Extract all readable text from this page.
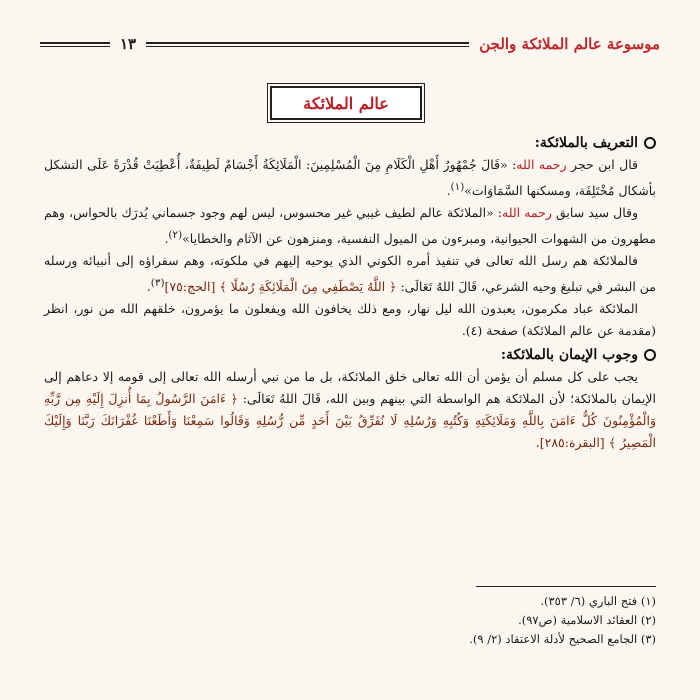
موسوعة عالم الملائكة والجن
١٣
عالم الملائكة
التعريف بالملائكة:

قال ابن حجر رحمه الله: «قَالَ جُمْهُورُ أَهْلِ الْكَلَامِ مِنَ الْمُسْلِمِينَ: الْمَلَائِكَةُ أَجْسَامٌ لَطِيفَةٌ، أُعْطِيَتْ قُدْرَةً عَلَى التشكل بأشكال مُخْتَلِفَة، ومسكنها السَّمَاوَات»$^{(١)}$.

وقال سيد سابق رحمه الله: «الملائكة عالم لطيف غيبي غير محسوس، ليس لهم وجود جسماني يُدرَك بالحواس، وهم مطهرون من الشهوات الحيوانية، ومبرءون من الميول النفسية، ومنزهون عن الآثام والخطايا»$^{(٢)}$.

فالملائكة هم رسل الله تعالى في تنفيذ أمره الكوني الذي يوحيه إليهم في ملكوته، وهم سفراؤه إلى أنبيائه ورسله من البشر في تبليغ وحيه الشرعي، قَالَ اللهُ تَعَالَى: ﴿ اللَّهُ يَصْطَفِي مِنَ الْمَلَائِكَةِ رُسُلًا ﴾ [الحج:٧٥]$^{(٣)}$.

الملائكة عباد مكرمون، يعبدون الله ليل نهار، ومع ذلك يخافون الله ويفعلون ما يؤمرون، خلقهم الله من نور، انظر (مقدمة عن عالم الملائكة) صفحة (٤).

وجوب الإيمان بالملائكة:

يجب على كل مسلم أن يؤمن أن الله تعالى خلق الملائكة، بل ما من نبي أرسله الله تعالى إلى قومه إلا دعاهم إلى الإيمان بالملائكة؛ لأن الملائكة هم الواسطة التي بينهم وبين الله، قَالَ اللهُ تَعَالَى: ﴿ ءَامَنَ الرَّسُولُ بِمَا أُنزِلَ إِلَيْهِ مِن رَّبِّهِ وَالْمُؤْمِنُونَ كُلٌّ ءَامَنَ بِاللَّهِ وَمَلَائِكَتِهِ وَكُتُبِهِ وَرُسُلِهِ لَا نُفَرِّقُ بَيْنَ أَحَدٍ مِّن رُّسُلِهِ وَقَالُوا سَمِعْنَا وَأَطَعْنَا غُفْرَانَكَ رَبَّنَا وَإِلَيْكَ الْمَصِيرُ ﴾ [البقرة:٢٨٥].

(١) فتح الباري (٦/ ٣٥٣).
(٢) العقائد الاسلامية (ص٩٧).
(٣) الجامع الصحيح لأدلة الاعتقاد (٢/ ٩).
